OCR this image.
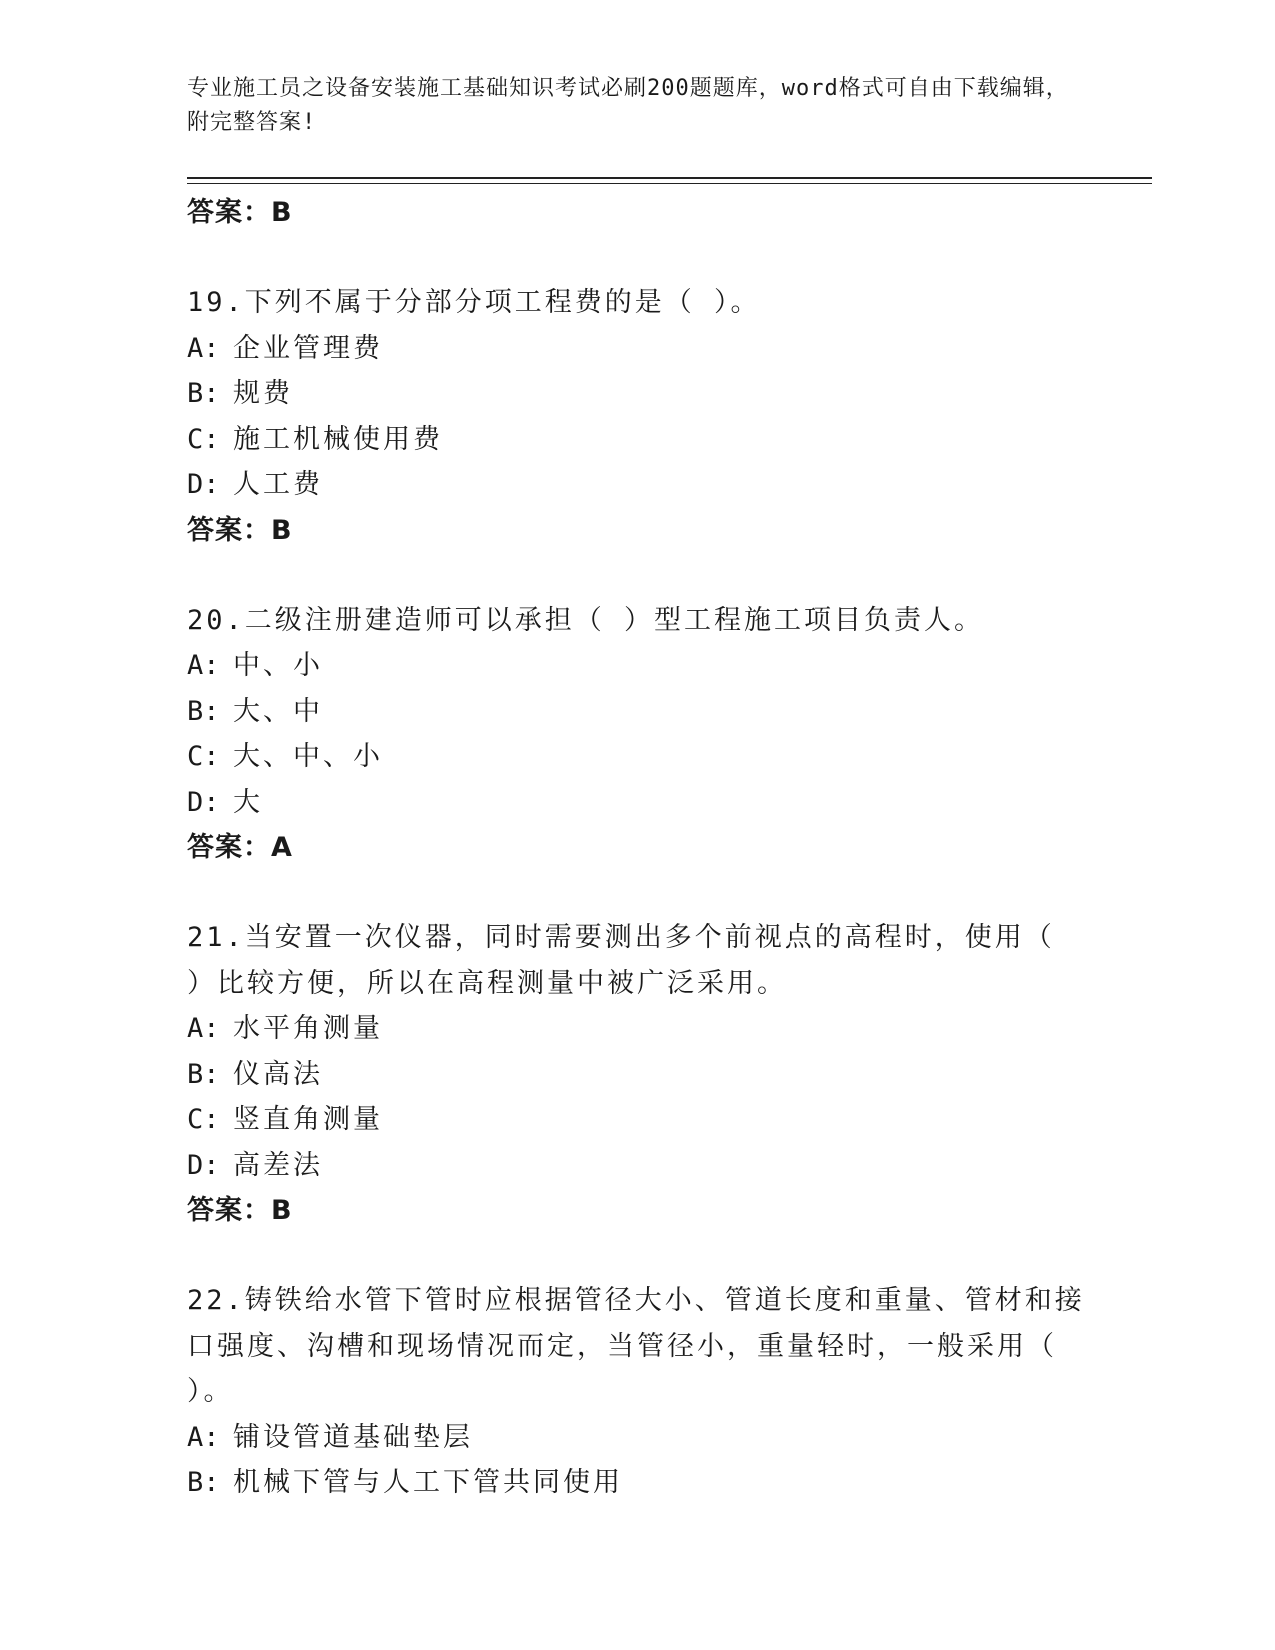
专业施工员之设备安装施工基础知识考试必刷200题题库，word格式可自由下载编辑，附完整答案!
答案：B
19.下列不属于分部分项工程费的是（ ）。
A: 企业管理费
B: 规费
C: 施工机械使用费
D: 人工费
答案：B
20.二级注册建造师可以承担（ ）型工程施工项目负责人。
A: 中、小
B: 大、中
C: 大、中、小
D: 大
答案：A
21.当安置一次仪器，同时需要测出多个前视点的高程时，使用（ ）比较方便，所以在高程测量中被广泛采用。
A: 水平角测量
B: 仪高法
C: 竖直角测量
D: 高差法
答案：B
22.铸铁给水管下管时应根据管径大小、管道长度和重量、管材和接口强度、沟槽和现场情况而定，当管径小，重量轻时，一般采用（ ）。
A: 铺设管道基础垫层
B: 机械下管与人工下管共同使用
